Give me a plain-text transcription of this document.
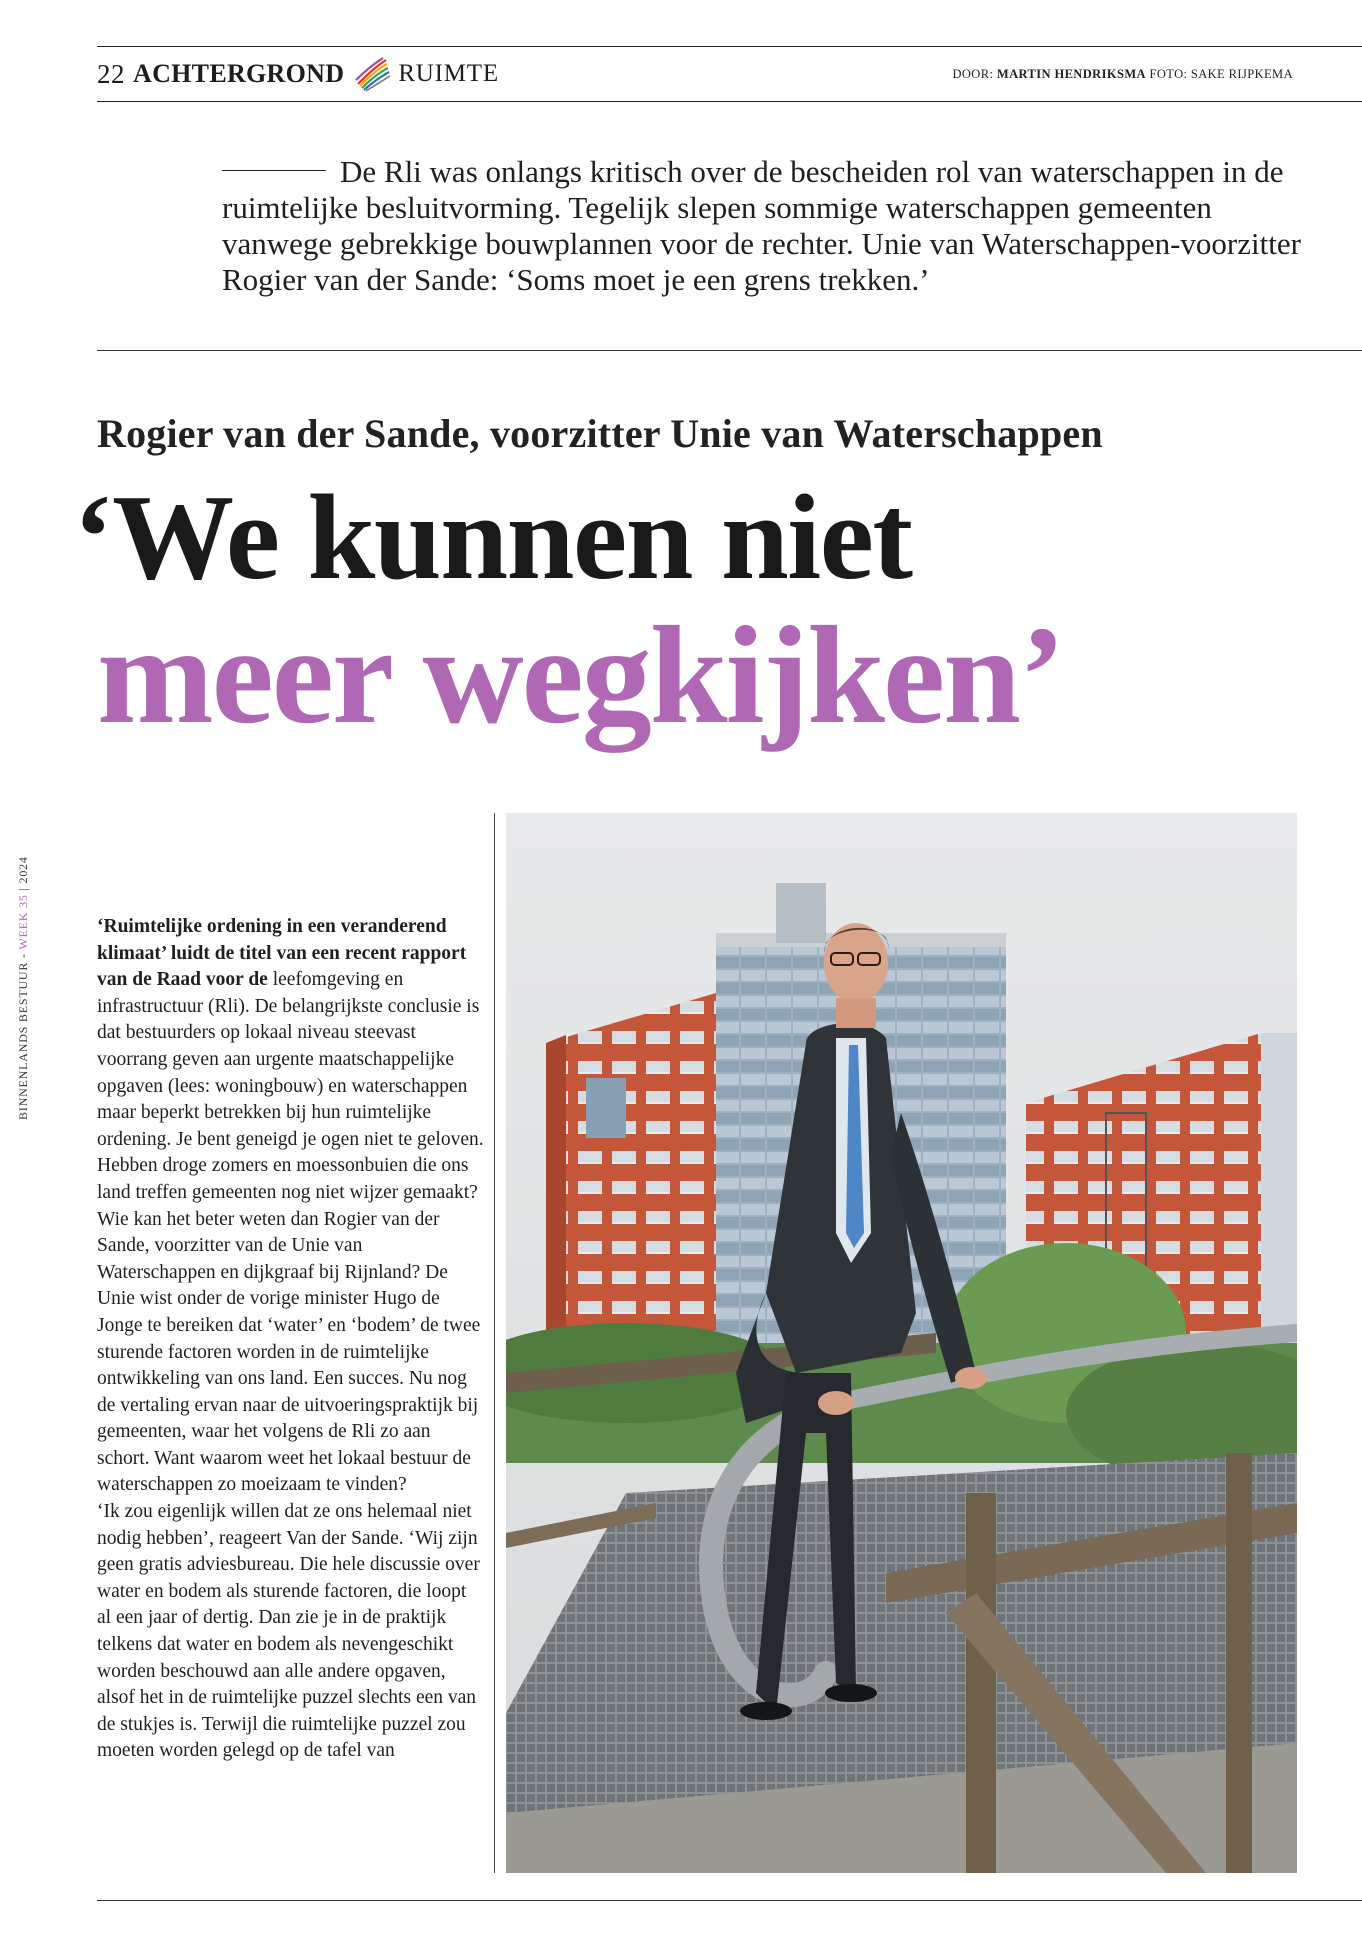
22 ACHTERGROND RUIMTE	DOOR: MARTIN HENDRIKSMA FOTO: SAKE RIJPKEMA
De Rli was onlangs kritisch over de bescheiden rol van waterschappen in de ruimtelijke besluitvorming. Tegelijk slepen sommige waterschappen gemeenten vanwege gebrekkige bouwplannen voor de rechter. Unie van Waterschappen-voorzitter Rogier van der Sande: ‘Soms moet je een grens trekken.’
Rogier van der Sande, voorzitter Unie van Waterschappen
‘We kunnen niet
meer wegkijken’
BINNENLANDS BESTUUR - WEEK 35 | 2024

‘Ruimtelijke ordening in een veranderend klimaat’ luidt de titel van een recent rapport van de Raad voor de leefomgeving en infrastructuur (Rli). De belangrijkste conclusie is dat bestuurders op lokaal niveau steevast voorrang geven aan urgente maatschappelijke opgaven (lees: woningbouw) en waterschappen maar beperkt betrekken bij hun ruimtelijke ordening. Je bent geneigd je ogen niet te geloven. Hebben droge zomers en moessonbuien die ons land treffen gemeenten nog niet wijzer gemaakt?

Wie kan het beter weten dan Rogier van der Sande, voorzitter van de Unie van Waterschappen en dijkgraaf bij Rijnland? De Unie wist onder de vorige minister Hugo de Jonge te bereiken dat ‘water’ en ‘bodem’ de twee sturende factoren worden in de ruimtelijke ontwikkeling van ons land. Een succes. Nu nog de vertaling ervan naar de uitvoeringspraktijk bij gemeenten, waar het volgens de Rli zo aan schort. Want waarom weet het lokaal bestuur de waterschappen zo moeizaam te vinden?

‘Ik zou eigenlijk willen dat ze ons helemaal niet nodig hebben’, reageert Van der Sande. ‘Wij zijn geen gratis adviesbureau. Die hele discussie over water en bodem als sturende factoren, die loopt al een jaar of dertig. Dan zie je in de praktijk telkens dat water en bodem als nevengeschikt worden beschouwd aan alle andere opgaven, alsof het in de ruimtelijke puzzel slechts een van de stukjes is. Terwijl die ruimtelijke puzzel zou moeten worden gelegd op de tafel van
